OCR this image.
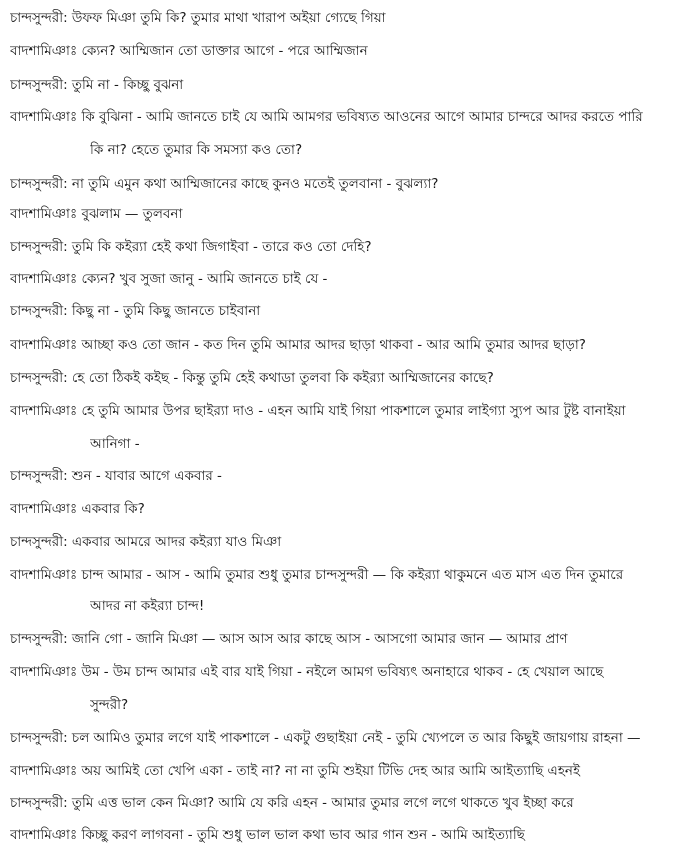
চান্দসুন্দরী: উফফ মিঞা তুমি কি? তুমার মাথা খারাপ অইয়া গ্যেছে গিয়া
বাদশামিঞাঃ ক্যেন? আম্মিজান তো ডাক্তার আগে - পরে আম্মিজান
চান্দসুন্দরী: তুমি না - কিচ্ছু বুঝনা
বাদশামিঞাঃ কি বুঝিনা - আমি জানতে চাই যে আমি আমগর ভবিষ্যত আওনের আগে আমার চান্দরে আদর করতে পারি
কি না? হেতে তুমার কি সমস্যা কও তো?
চান্দসুন্দরী: না তুমি এমুন কথা আম্মিজানের কাছে কুনও মতেই তুলবানা - বুঝল্যা?
বাদশামিঞাঃ বুঝলাম — তুলবনা
চান্দসুন্দরী: তুমি কি কইর‍্যা হেই কথা জিগাইবা - তারে কও তো দেহি?
বাদশামিঞাঃ ক্যেন? খুব সুজা জানু - আমি জানতে চাই যে -
চান্দসুন্দরী: কিছু না - তুমি কিছু জানতে চাইবানা
বাদশামিঞাঃ আচ্ছা কও তো জান - কত দিন তুমি আমার আদর ছাড়া থাকবা - আর আমি তুমার আদর ছাড়া?
চান্দসুন্দরী: হে তো ঠিকই কইছ - কিন্তু তুমি হেই কথাডা তুলবা কি কইর‍্যা আম্মিজানের কাছে?
বাদশামিঞাঃ হে তুমি আমার উপর ছাইর‍্যা দাও - এহন আমি যাই গিয়া পাকশালে তুমার লাইগ্যা স্যুপ আর টুষ্ট বানাইয়া
আনিগা -
চান্দসুন্দরী: শুন - যাবার আগে একবার -
বাদশামিঞাঃ একবার কি?
চান্দসুন্দরী: একবার আমরে আদর কইর‍্যা যাও মিঞা
বাদশামিঞাঃ চান্দ আমার - আস - আমি তুমার শুধু তুমার চান্দসুন্দরী — কি কইর‍্যা থাকুমনে এত মাস এত দিন তুমারে
আদর না কইর‍্যা চান্দ!
চান্দসুন্দরী: জানি গো - জানি মিঞা — আস আস আর কাছে আস - আসগো আমার জান — আমার প্রাণ
বাদশামিঞাঃ উম - উম চান্দ আমার এই বার যাই গিয়া - নইলে আমগ ভবিষ্যৎ অনাহারে থাকব - হে খেয়াল আছে
সুন্দরী?
চান্দসুন্দরী: চল আমিও তুমার লগে যাই পাকশালে - একটু গুছাইয়া নেই - তুমি খ্যেপলে ত আর কিছুই জায়গায় রাহনা —
বাদশামিঞাঃ অয় আমিই তো খেপি একা - তাই না? না না তুমি শুইয়া টিভি দেহ আর আমি আইত্যাছি এহনই
চান্দসুন্দরী: তুমি এত্ত ভাল কেন মিঞা? আমি যে করি এহন - আমার তুমার লগে লগে থাকতে খুব ইচ্ছা করে
বাদশামিঞাঃ কিচ্ছু করণ লাগবনা - তুমি শুধু ভাল ভাল কথা ভাব আর গান শুন - আমি আইত্যাছি
